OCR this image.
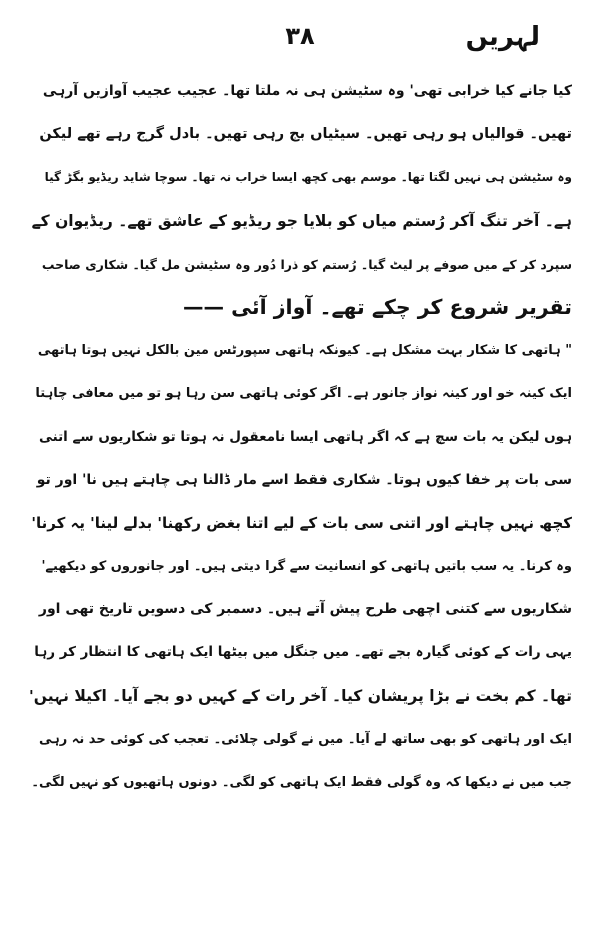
لہریں
۳۸
کیا جانے کیا خرابی تھی' وہ سٹیشن ہی نہ ملتا تھا۔ عجیب عجیب آوازیں آرہی
تھیں۔ قوالیاں ہو رہی تھیں۔ سیٹیاں بج رہی تھیں۔ بادل گرج رہے تھے لیکن
وہ سٹیشن ہی نہیں لگتا تھا۔ موسم بھی کچھ ایسا خراب نہ تھا۔ سوچا شاید ریڈیو بگڑ گیا
ہے۔ آخر تنگ آکر رُستم میاں کو بلایا جو ریڈیو کے عاشق تھے۔ ریڈیوان کے
سپرد کر کے میں صوفے پر لیٹ گیا۔ رُستم کو ذرا دُور وہ سٹیشن مل گیا۔ شکاری صاحب
تقریر شروع کر چکے تھے۔ آواز آئی ——
" ہاتھی کا شکار بہت مشکل ہے۔ کیونکہ ہاتھی سپورٹس مین بالکل نہیں ہوتا ہاتھی
ایک کینہ خو اور کینہ نواز جانور ہے۔ اگر کوئی ہاتھی سن رہا ہو تو میں معافی چاہتا
ہوں لیکن یہ بات سچ ہے کہ اگر ہاتھی ایسا نامعقول نہ ہوتا تو شکاریوں سے اتنی
سی بات پر خفا کیوں ہوتا۔ شکاری فقط اسے مار ڈالنا ہی چاہتے ہیں نا' اور تو
کچھ نہیں چاہتے اور اتنی سی بات کے لیے اتنا بغض رکھنا' بدلے لینا' یہ کرنا'
وہ کرنا۔ یہ سب باتیں ہاتھی کو انسانیت سے گرا دیتی ہیں۔ اور جانوروں کو دیکھیے'
شکاریوں سے کتنی اچھی طرح پیش آتے ہیں۔ دسمبر کی دسویں تاریخ تھی اور
یہی رات کے کوئی گیارہ بجے تھے۔ میں جنگل میں بیٹھا ایک ہاتھی کا انتظار کر رہا
تھا۔ کم بخت نے بڑا پریشان کیا۔ آخر رات کے کہیں دو بجے آیا۔ اکیلا نہیں'
ایک اور ہاتھی کو بھی ساتھ لے آیا۔ میں نے گولی چلائی۔ تعجب کی کوئی حد نہ رہی
جب میں نے دیکھا کہ وہ گولی فقط ایک ہاتھی کو لگی۔ دونوں ہاتھیوں کو نہیں لگی۔
